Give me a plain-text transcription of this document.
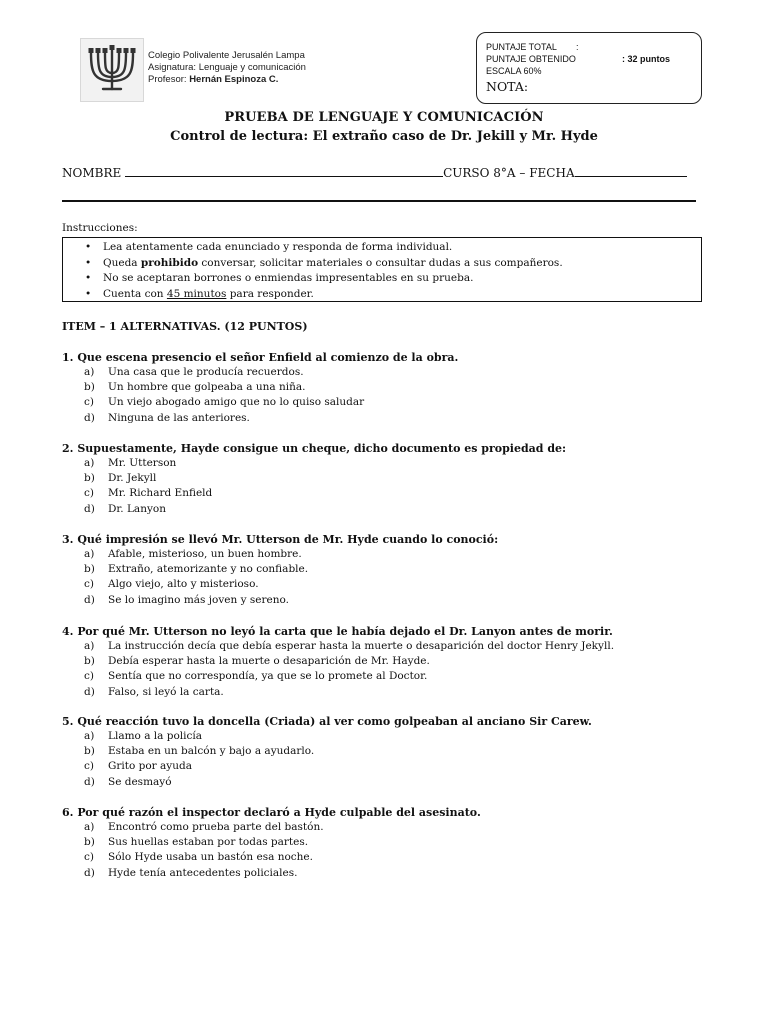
Colegio Polivalente Jerusalén Lampa
Asignatura: Lenguaje y comunicación
Profesor: Hernán Espinoza C.
PUNTAJE TOTAL :
PUNTAJE OBTENIDO	: 32 puntos
ESCALA 60%
NOTA:
PRUEBA DE LENGUAJE Y COMUNICACIÓN
Control de lectura: El extraño caso de Dr. Jekill y Mr. Hyde
NOMBRE	CURSO 8°A – FECHA
Instrucciones:
• Lea atentamente cada enunciado y responda de forma individual.
• Queda prohibido conversar, solicitar materiales o consultar dudas a sus compañeros.
• No se aceptaran borrones o enmiendas impresentables en su prueba.
• Cuenta con 45 minutos para responder.
ITEM – 1 ALTERNATIVAS. (12 PUNTOS)
1. Que escena presencio el señor Enfield al comienzo de la obra.
a) Una casa que le producía recuerdos.
b) Un hombre que golpeaba a una niña.
c) Un viejo abogado amigo que no lo quiso saludar
d) Ninguna de las anteriores.
2. Supuestamente, Hayde consigue un cheque, dicho documento es propiedad de:
a) Mr. Utterson
b) Dr. Jekyll
c) Mr. Richard Enfield
d) Dr. Lanyon
3. Qué impresión se llevó Mr. Utterson de Mr. Hyde cuando lo conoció:
a) Afable, misterioso, un buen hombre.
b) Extraño, atemorizante y no confiable.
c) Algo viejo, alto y misterioso.
d) Se lo imagino más joven y sereno.
4. Por qué Mr. Utterson no leyó la carta que le había dejado el Dr. Lanyon antes de morir.
a) La instrucción decía que debía esperar hasta la muerte o desaparición del doctor Henry Jekyll.
b) Debía esperar hasta la muerte o desaparición de Mr. Hayde.
c) Sentía que no correspondía, ya que se lo promete al Doctor.
d) Falso, si leyó la carta.
5. Qué reacción tuvo la doncella (Criada) al ver como golpeaban al anciano Sir Carew.
a) Llamo a la policía
b) Estaba en un balcón y bajo a ayudarlo.
c) Grito por ayuda
d) Se desmayó
6. Por qué razón el inspector declaró a Hyde culpable del asesinato.
a) Encontró como prueba parte del bastón.
b) Sus huellas estaban por todas partes.
c) Sólo Hyde usaba un bastón esa noche.
d) Hyde tenía antecedentes policiales.
